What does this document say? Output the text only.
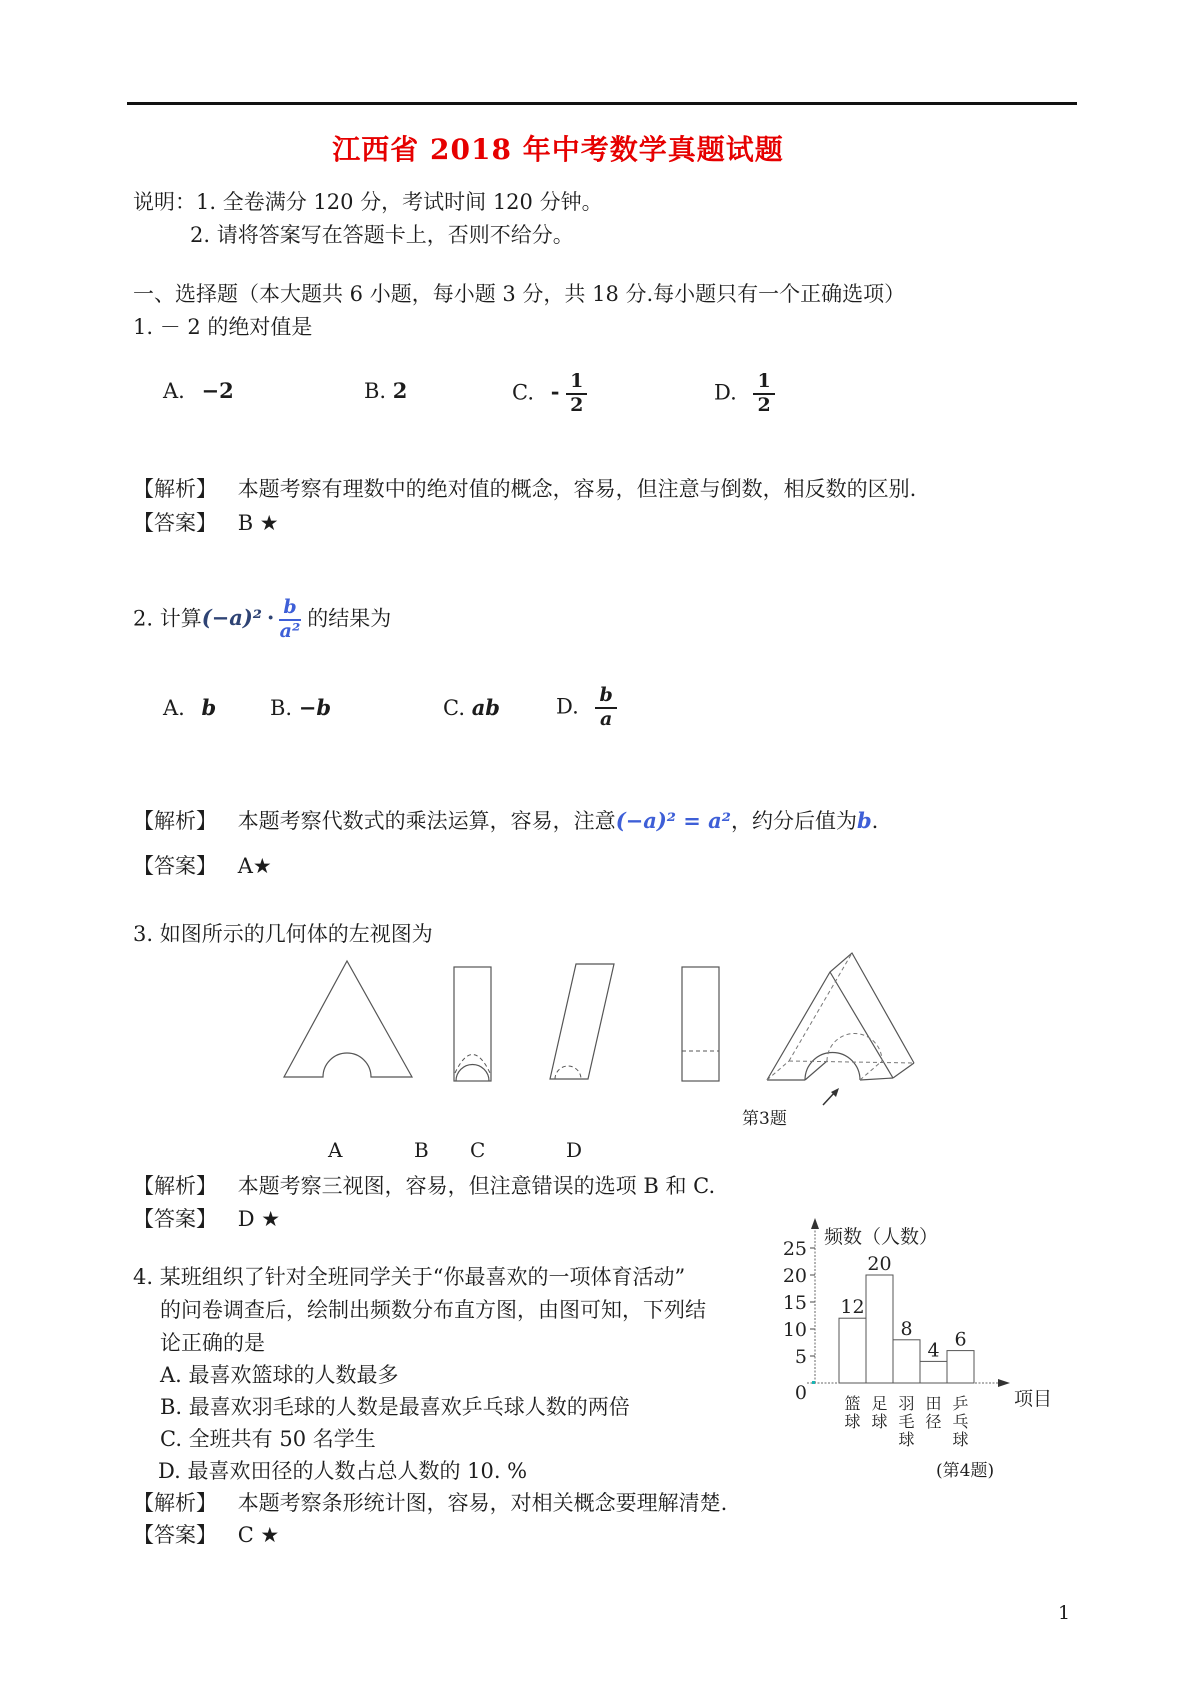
江西省 2018 年中考数学真题试题
说明：1. 全卷满分 120 分，考试时间 120 分钟。
2. 请将答案写在答题卡上，否则不给分。
一、选择题（本大题共 6 小题，每小题 3 分，共 18 分.每小题只有一个正确选项）
1. － 2 的绝对值是
A. −2	B. 2	C. - $\frac{1}{2}$	D. $\frac{1}{2}$
【解析】 本题考察有理数中的绝对值的概念，容易，但注意与倒数，相反数的区别.
【答案】 B ★
2. 计算$(-a)^2 \cdot \frac{b}{\text{a²}}$ 的结果为
A. b	B. −b	C. ab	D. $\frac{b}{a}$
【解析】 本题考察代数式的乘法运算，容易，注意(−a)² = a²，约分后值为b.
【答案】 A★
3. 如图所示的几何体的左视图为
第3题
A	B C	D
【解析】 本题考察三视图，容易，但注意错误的选项 B 和 C.
【答案】 D ★
4. 某班组织了针对全班同学关于“你最喜欢的一项体育活动”
的问卷调查后，绘制出频数分布直方图，由图可知，下列结
论正确的是
A. 最喜欢篮球的人数最多
B. 最喜欢羽毛球的人数是最喜欢乒乓球人数的两倍
C. 全班共有 50 名学生
D. 最喜欢田径的人数占总人数的 10. %
0
5
10
15
20
25
12
篮球
20
足球
8
羽毛球
4
田径
6
乒乓球
频数（人数）
项目
(第4题)
【解析】 本题考察条形统计图，容易，对相关概念要理解清楚.
【答案】 C ★
1
